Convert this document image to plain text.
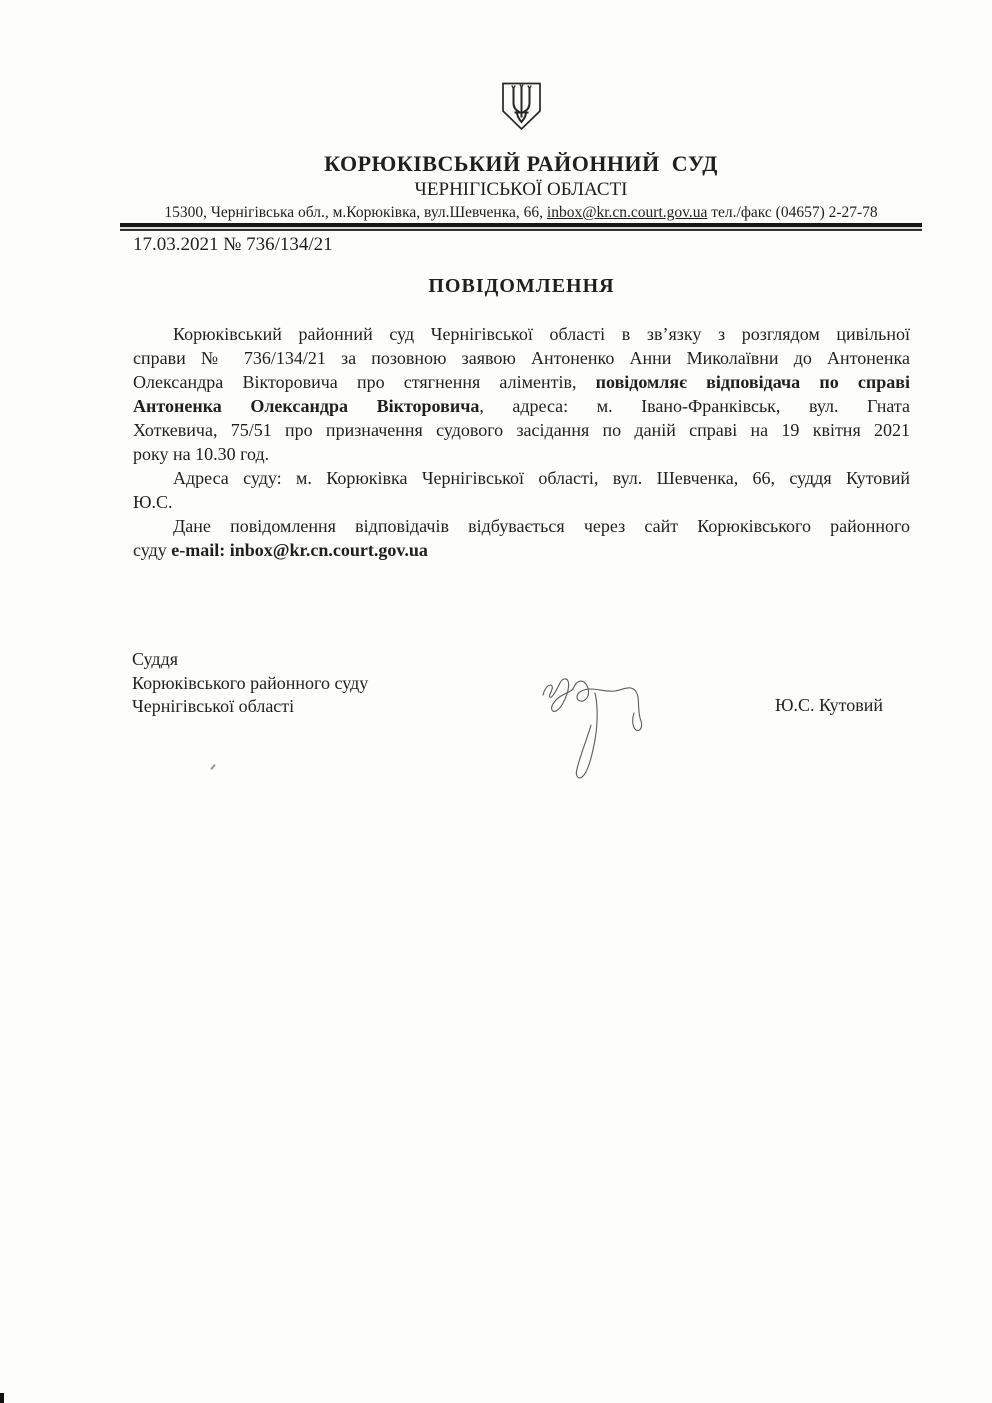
КОРЮКІВСЬКИЙ РАЙОННИЙ  СУД
ЧЕРНІГІСЬКОЇ ОБЛАСТІ
15300, Чернігівська обл., м.Корюківка, вул.Шевченка, 66, inbox@kr.cn.court.gov.ua тел./факс (04657) 2-27-78
17.03.2021 № 736/134/21
ПОВІДОМЛЕННЯ
Корюківський районний суд Чернігівської області в зв’язку з розглядом цивільної
справи № 736/134/21 за позовною заявою Антоненко Анни Миколаївни до Антоненка
Олександра Вікторовича про стягнення аліментів, повідомляє відповідача по справі
Антоненка Олександра Вікторовича, адреса: м. Івано-Франківськ, вул. Гната
Хоткевича, 75/51 про призначення судового засідання по даній справі на 19 квітня 2021
року на 10.30 год.
Адреса суду: м. Корюківка Чернігівської області, вул. Шевченка, 66, суддя Кутовий
Ю.С.
Дане повідомлення відповідачів відбувається через сайт Корюківського районного
суду e-mail: inbox@kr.cn.court.gov.ua
Суддя
Корюківського районного суду
Чернігівської області	Ю.С. Кутовий
